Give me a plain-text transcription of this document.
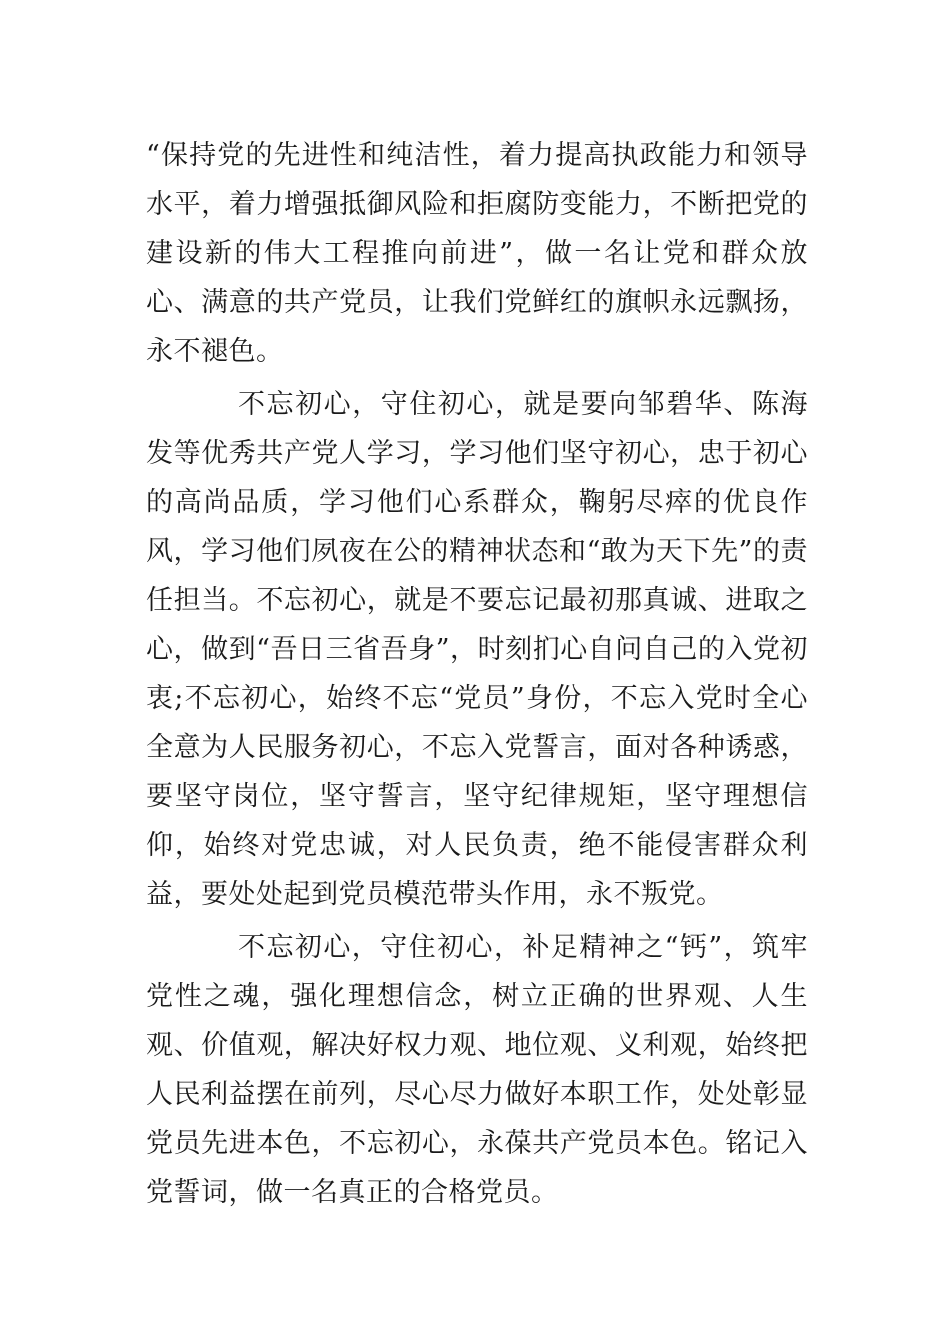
“保持党的先进性和纯洁性，着力提高执政能力和领导水平，着力增强抵御风险和拒腐防变能力，不断把党的建设新的伟大工程推向前进”，做一名让党和群众放心、满意的共产党员，让我们党鲜红的旗帜永远飘扬，永不褪色。

不忘初心，守住初心，就是要向邹碧华、陈海发等优秀共产党人学习，学习他们坚守初心，忠于初心的高尚品质，学习他们心系群众，鞠躬尽瘁的优良作风，学习他们夙夜在公的精神状态和“敢为天下先”的责任担当。不忘初心，就是不要忘记最初那真诚、进取之心，做到“吾日三省吾身”，时刻扪心自问自己的入党初衷;不忘初心，始终不忘“党员”身份，不忘入党时全心全意为人民服务初心，不忘入党誓言，面对各种诱惑，要坚守岗位，坚守誓言，坚守纪律规矩，坚守理想信仰，始终对党忠诚，对人民负责，绝不能侵害群众利益，要处处起到党员模范带头作用，永不叛党。

不忘初心，守住初心，补足精神之“钙”，筑牢党性之魂，强化理想信念，树立正确的世界观、人生观、价值观，解决好权力观、地位观、义利观，始终把人民利益摆在前列，尽心尽力做好本职工作，处处彰显党员先进本色，不忘初心，永葆共产党员本色。铭记入党誓词，做一名真正的合格党员。
